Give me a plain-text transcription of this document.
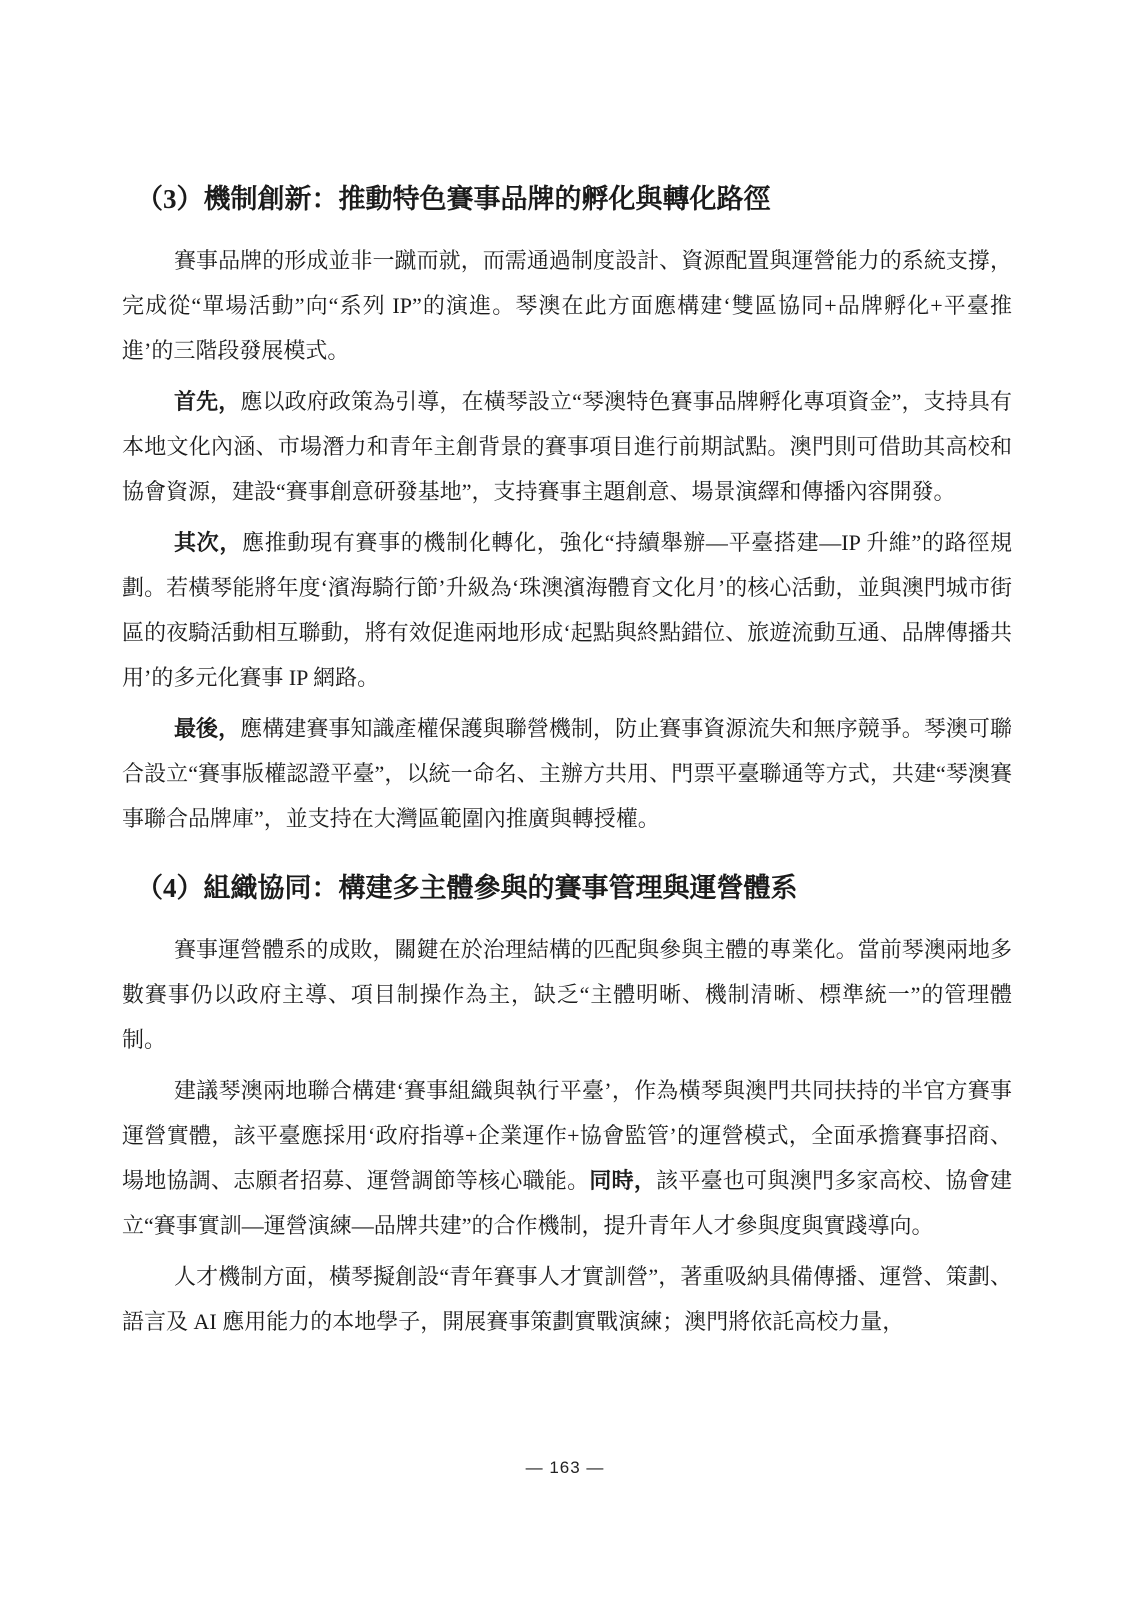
（3）機制創新：推動特色賽事品牌的孵化與轉化路徑

賽事品牌的形成並非一蹴而就，而需通過制度設計、資源配置與運營能力的系統支撐，完成從“單場活動”向“系列 IP”的演進。琴澳在此方面應構建‘雙區協同+品牌孵化+平臺推進’的三階段發展模式。

首先，應以政府政策為引導，在橫琴設立“琴澳特色賽事品牌孵化專項資金”，支持具有本地文化內涵、市場潛力和青年主創背景的賽事項目進行前期試點。澳門則可借助其高校和協會資源，建設“賽事創意研發基地”，支持賽事主題創意、場景演繹和傳播內容開發。

其次，應推動現有賽事的機制化轉化，強化“持續舉辦—平臺搭建—IP 升維”的路徑規劃。若橫琴能將年度‘濱海騎行節’升級為‘珠澳濱海體育文化月’的核心活動，並與澳門城市街區的夜騎活動相互聯動，將有效促進兩地形成‘起點與終點錯位、旅遊流動互通、品牌傳播共用’的多元化賽事 IP 網路。

最後，應構建賽事知識產權保護與聯營機制，防止賽事資源流失和無序競爭。琴澳可聯合設立“賽事版權認證平臺”，以統一命名、主辦方共用、門票平臺聯通等方式，共建“琴澳賽事聯合品牌庫”，並支持在大灣區範圍內推廣與轉授權。

（4）組織協同：構建多主體參與的賽事管理與運營體系

賽事運營體系的成敗，關鍵在於治理結構的匹配與參與主體的專業化。當前琴澳兩地多數賽事仍以政府主導、項目制操作為主，缺乏“主體明晰、機制清晰、標準統一”的管理體制。

建議琴澳兩地聯合構建‘賽事組織與執行平臺’，作為橫琴與澳門共同扶持的半官方賽事運營實體，該平臺應採用‘政府指導+企業運作+協會監管’的運營模式，全面承擔賽事招商、場地協調、志願者招募、運營調節等核心職能。同時，該平臺也可與澳門多家高校、協會建立“賽事實訓—運營演練—品牌共建”的合作機制，提升青年人才參與度與實踐導向。

人才機制方面，橫琴擬創設“青年賽事人才實訓營”，著重吸納具備傳播、運營、策劃、語言及 AI 應用能力的本地學子，開展賽事策劃實戰演練；澳門將依託高校力量，

— 163 —
